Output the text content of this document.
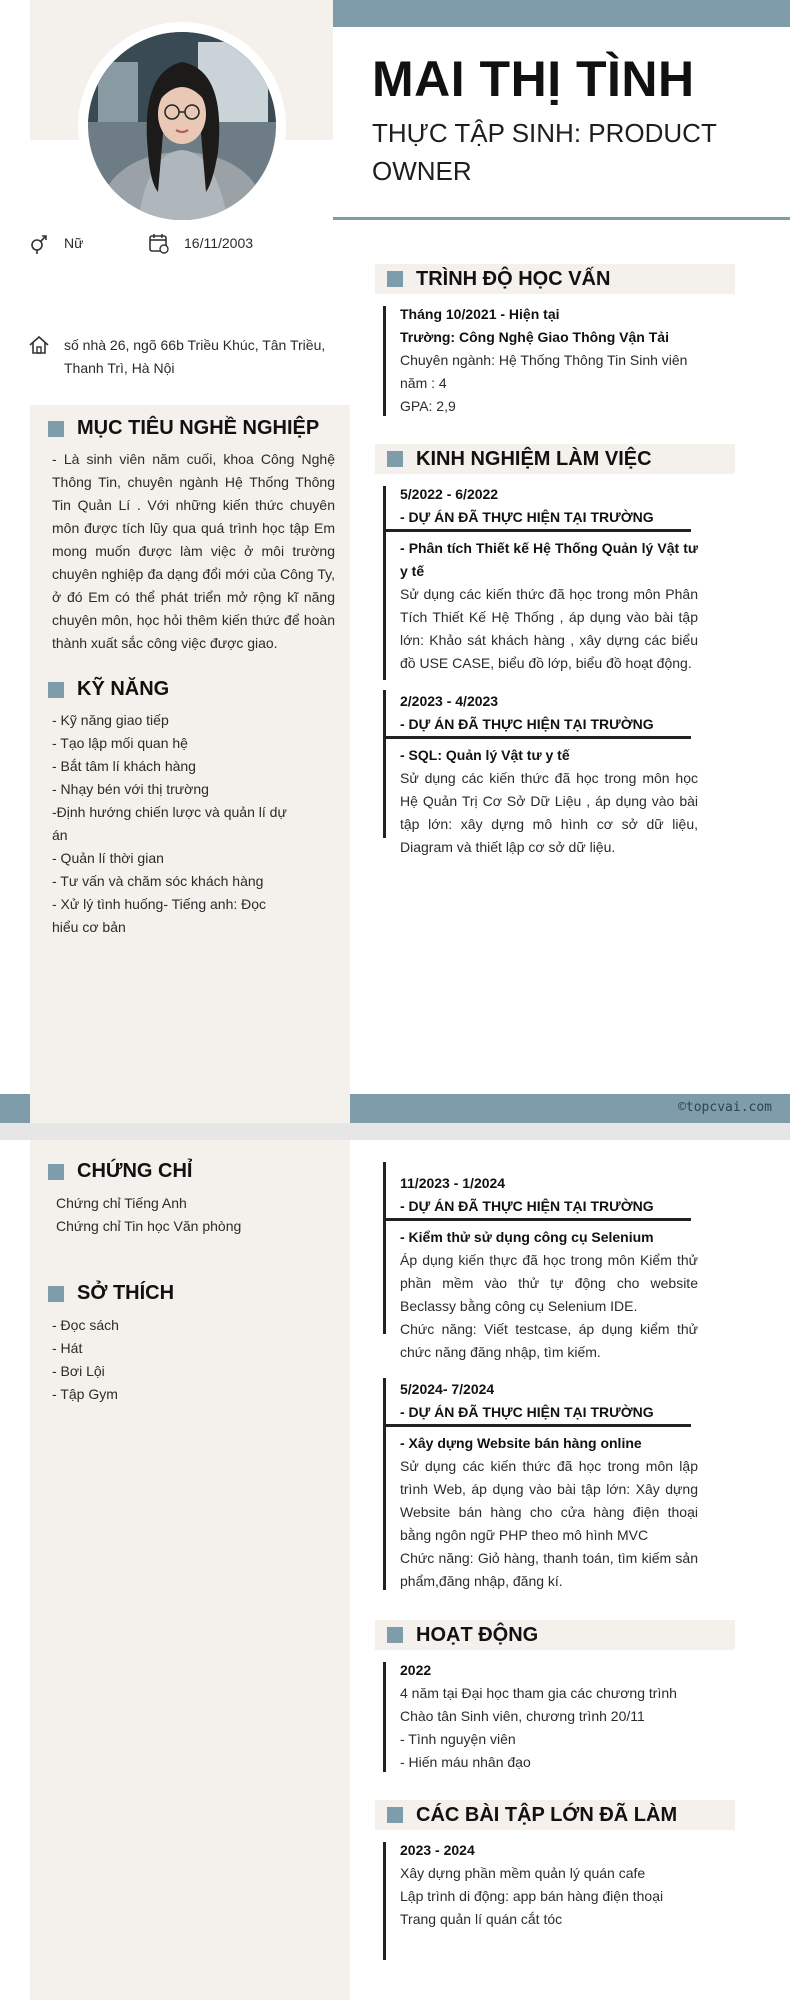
MAI THỊ TÌNH
THỰC TẬP SINH: PRODUCT OWNER
Nữ	16/11/2003
số nhà 26, ngõ 66b Triều Khúc, Tân Triều, Thanh Trì, Hà Nội
MỤC TIÊU NGHỀ NGHIỆP
- Là sinh viên năm cuối, khoa Công Nghệ Thông Tin, chuyên ngành Hệ Thống Thông Tin Quản Lí . Với những kiến thức chuyên môn được tích lũy qua quá trình học tập Em mong muốn được làm việc ở môi trường chuyên nghiệp đa dạng đổi mới của Công Ty, ở đó Em có thể phát triển mở rộng kĩ năng chuyên môn, học hỏi thêm kiến thức để hoàn thành xuất sắc công việc được giao.
KỸ NĂNG
- Kỹ năng giao tiếp
- Tạo lập mối quan hệ
- Bắt tâm lí khách hàng
- Nhạy bén với thị trường
-Định hướng chiến lược và quản lí dự
án
- Quản lí thời gian
- Tư vấn và chăm sóc khách hàng
- Xử lý tình huống- Tiếng anh: Đọc
hiểu cơ bản
TRÌNH ĐỘ HỌC VẤN
Tháng 10/2021 - Hiện tại
Trường: Công Nghệ Giao Thông Vận Tải
Chuyên ngành: Hệ Thống Thông Tin Sinh viên năm : 4
GPA: 2,9
KINH NGHIỆM LÀM VIỆC
5/2022 - 6/2022
- DỰ ÁN ĐÃ THỰC HIỆN TẠI TRƯỜNG
- Phân tích Thiết kế Hệ Thống Quản lý Vật tư y tế
Sử dụng các kiến thức đã học trong môn Phân Tích Thiết Kế Hệ Thống , áp dụng vào bài tập lớn: Khảo sát khách hàng , xây dựng các biểu đồ USE CASE, biểu đồ lớp, biểu đồ hoạt động.
2/2023 - 4/2023
- DỰ ÁN ĐÃ THỰC HIỆN TẠI TRƯỜNG
- SQL: Quản lý Vật tư y tế
Sử dụng các kiến thức đã học trong môn học Hệ Quản Trị Cơ Sở Dữ Liệu , áp dụng vào bài tập lớn: xây dựng mô hình cơ sở dữ liệu, Diagram và thiết lập cơ sở dữ liệu.
©topcvai.com
CHỨNG CHỈ
Chứng chỉ Tiếng Anh
Chứng chỉ Tin học Văn phòng
SỞ THÍCH
- Đọc sách
- Hát
- Bơi Lội
- Tập Gym
11/2023 - 1/2024
- DỰ ÁN ĐÃ THỰC HIỆN TẠI TRƯỜNG
- Kiểm thử sử dụng công cụ Selenium
Áp dụng kiến thực đã học trong môn Kiểm thử phần mềm vào thử tự động cho website Beclassy bằng công cụ Selenium IDE.
Chức năng: Viết testcase, áp dụng kiểm thử chức năng đăng nhập, tìm kiếm.
5/2024- 7/2024
- DỰ ÁN ĐÃ THỰC HIỆN TẠI TRƯỜNG
- Xây dựng Website bán hàng online
Sử dụng các kiến thức đã học trong môn lập trình Web, áp dụng vào bài tập lớn: Xây dựng Website bán hàng cho cửa hàng điện thoại bằng ngôn ngữ PHP theo mô hình MVC
Chức năng: Giỏ hàng, thanh toán, tìm kiếm sản phẩm,đăng nhập, đăng kí.
HOẠT ĐỘNG
2022
4 năm tại Đại học tham gia các chương trình Chào tân Sinh viên, chương trình 20/11
- Tình nguyện viên
- Hiến máu nhân đạo
CÁC BÀI TẬP LỚN ĐÃ LÀM
2023 - 2024
Xây dựng phần mềm quản lý quán cafe
Lập trình di động: app bán hàng điện thoại
Trang quản lí quán cắt tóc
